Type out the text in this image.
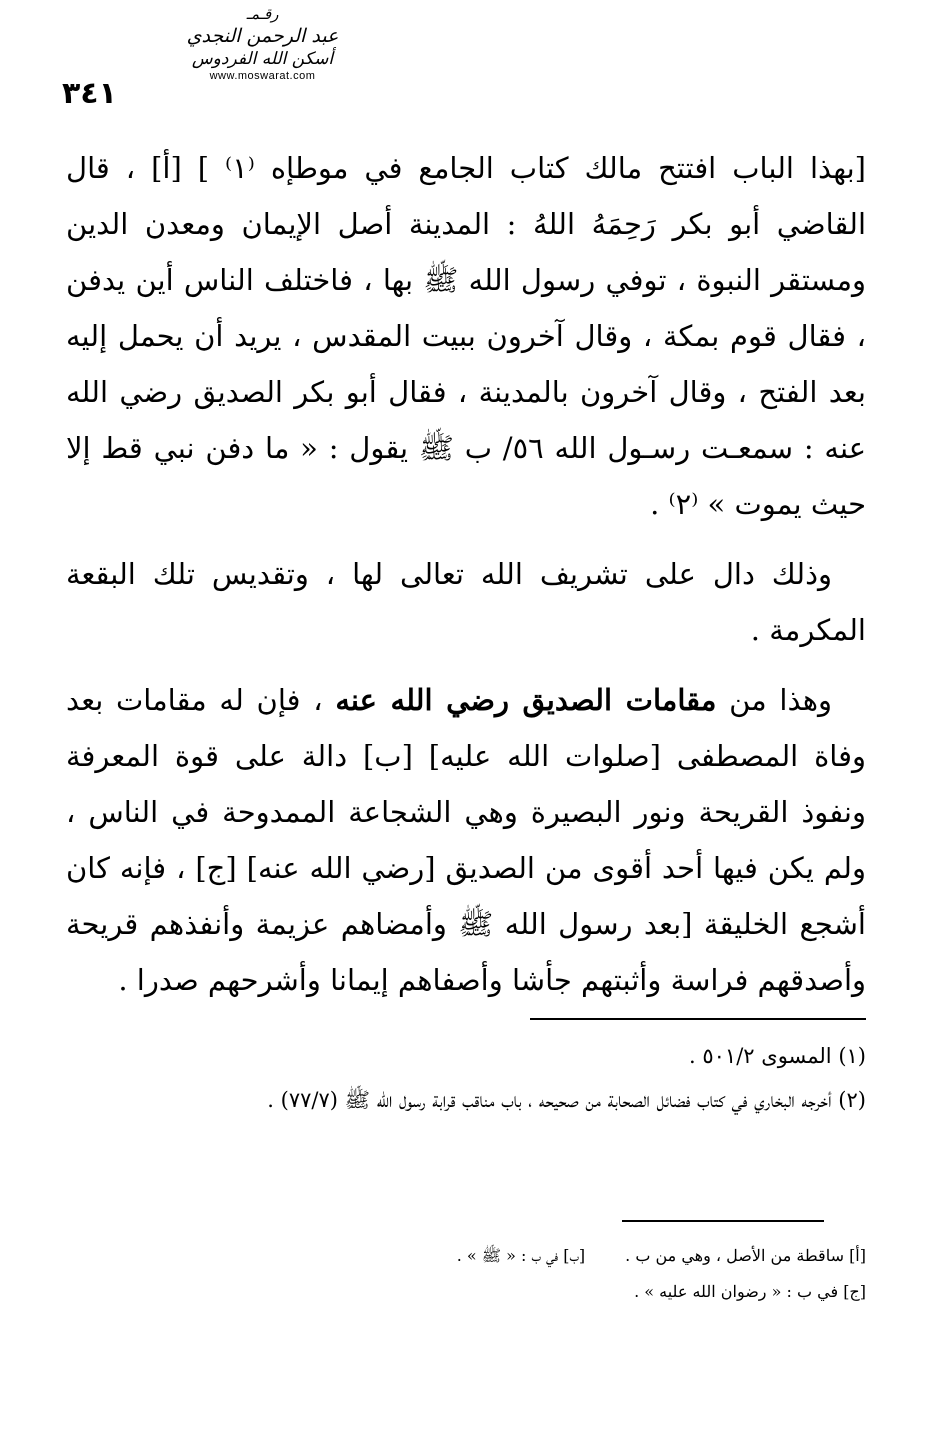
رقـمـ
عبد الرحمن النجدي
أسكن الله الفردوس
www.moswarat.com
٣٤١

[بهذا الباب افتتح مالك كتاب الجامع في موطإه ⁽١⁾ ] [أ] ، قال القاضي أبو بكر رَحِمَهُ اللهُ : المدينة أصل الإيمان ومعدن الدين ومستقر النبوة ، توفي رسول الله ﷺ بها ، فاختلف الناس أين يدفن ، فقال قوم بمكة ، وقال آخرون ببيت المقدس ، يريد أن يحمل إليه بعد الفتح ، وقال آخرون بالمدينة ، فقال أبو بكر الصديق رضي الله عنه : سمعـت رسـول الله ٥٦/ ب ﷺ يقول : « ما دفن نبي قط إلا حيث يموت » ⁽٢⁾ .

وذلك دال على تشريف الله تعالى لها ، وتقديس تلك البقعة المكرمة .

وهذا من مقامات الصديق رضي الله عنه ، فإن له مقامات بعد وفاة المصطفى [صلوات الله عليه] [ب] دالة على قوة المعرفة ونفوذ القريحة ونور البصيرة وهي الشجاعة الممدوحة في الناس ، ولم يكن فيها أحد أقوى من الصديق [رضي الله عنه] [ج] ، فإنه كان أشجع الخليقة [بعد رسول الله ﷺ وأمضاهم عزيمة وأنفذهم قريحة وأصدقهم فراسة وأثبتهم جأشا وأصفاهم إيمانا وأشرحهم صدرا .

(١) المسوى ٥٠١/٢ .

(٢) أخرجه البخاري في كتاب فضائل الصحابة من صحيحه ، باب مناقب قرابة رسول الله ﷺ (٧٧/٧) .

[أ] ساقطة من الأصل ، وهي من ب .
[ب] في ب : « ﷺ » .
[ج] في ب : « رضوان الله عليه » .
